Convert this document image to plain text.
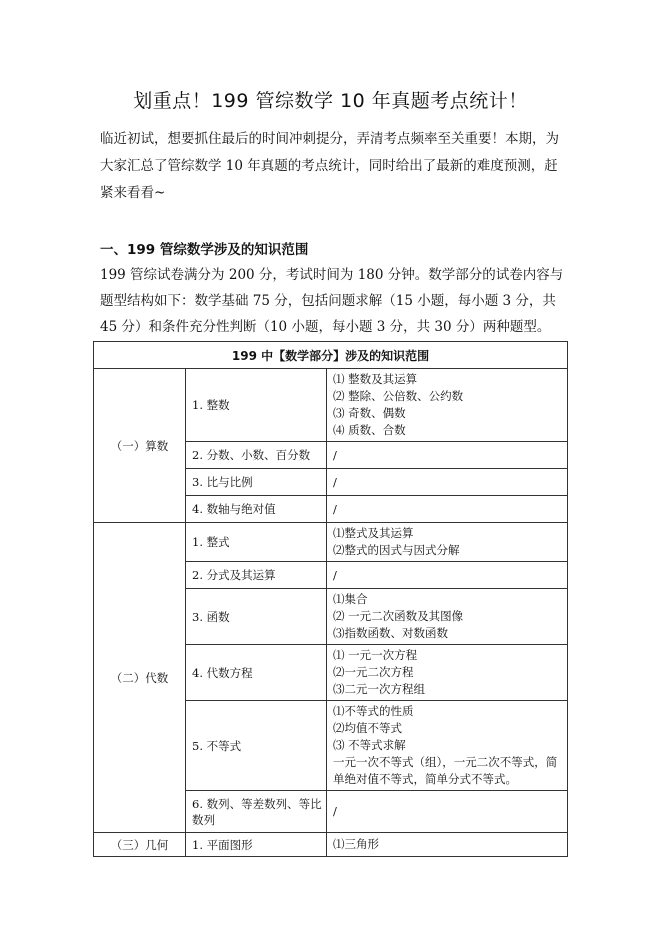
划重点！199 管综数学 10 年真题考点统计！
临近初试，想要抓住最后的时间冲刺提分，弄清考点频率至关重要！本期，为大家汇总了管综数学 10 年真题的考点统计，同时给出了最新的难度预测，赶紧来看看~
一、199 管综数学涉及的知识范围
199 管综试卷满分为 200 分，考试时间为 180 分钟。数学部分的试卷内容与题型结构如下：数学基础 75 分，包括问题求解（15 小题，每小题 3 分，共 45 分）和条件充分性判断（10 小题，每小题 3 分，共 30 分）两种题型。
199 中【数学部分】涉及的知识范围		
（一）算数	1. 整数	⑴ 整数及其运算
⑵ 整除、公倍数、公约数
⑶ 奇数、偶数
⑷ 质数、合数

	2. 分数、小数、百分数	/

	3. 比与比例	/

	4. 数轴与绝对值	/

（二）代数	1. 整式	⑴整式及其运算
⑵整式的因式与因式分解

	2. 分式及其运算	/

	3. 函数	⑴集合
⑵ 一元二次函数及其图像
⑶指数函数、对数函数

	4. 代数方程	⑴ 一元一次方程
⑵一元二次方程
⑶二元一次方程组

	5. 不等式	⑴不等式的性质
⑵均值不等式
⑶ 不等式求解
一元一次不等式（组），一元二次不等式，简单绝对值不等式，简单分式不等式。

	6. 数列、等差数列、等比数列	/

（三）几何	1. 平面图形	⑴三角形
